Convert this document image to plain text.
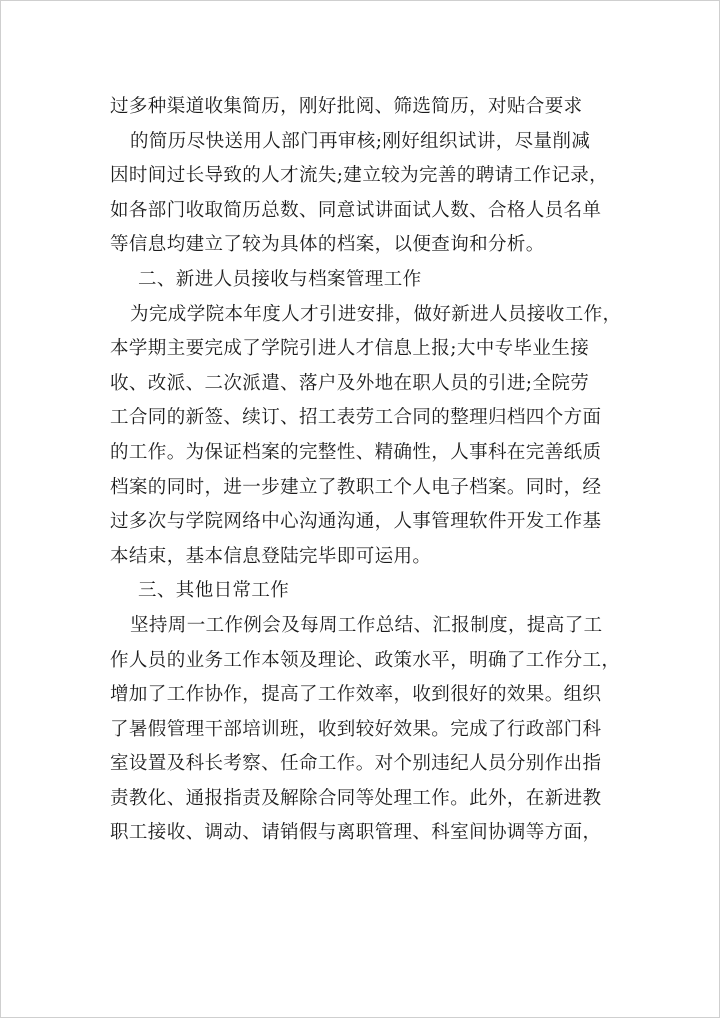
过多种渠道收集简历，刚好批阅、筛选简历，对贴合要求
的简历尽快送用人部门再审核;刚好组织试讲，尽量削减
因时间过长导致的人才流失;建立较为完善的聘请工作记录，
如各部门收取简历总数、同意试讲面试人数、合格人员名单
等信息均建立了较为具体的档案，以便查询和分析。
二、新进人员接收与档案管理工作
为完成学院本年度人才引进安排，做好新进人员接收工作，
本学期主要完成了学院引进人才信息上报;大中专毕业生接
收、改派、二次派遣、落户及外地在职人员的引进;全院劳
工合同的新签、续订、招工表劳工合同的整理归档四个方面
的工作。为保证档案的完整性、精确性，人事科在完善纸质
档案的同时，进一步建立了教职工个人电子档案。同时，经
过多次与学院网络中心沟通沟通，人事管理软件开发工作基
本结束，基本信息登陆完毕即可运用。
三、其他日常工作
坚持周一工作例会及每周工作总结、汇报制度，提高了工
作人员的业务工作本领及理论、政策水平，明确了工作分工，
增加了工作协作，提高了工作效率，收到很好的效果。组织
了暑假管理干部培训班，收到较好效果。完成了行政部门科
室设置及科长考察、任命工作。对个别违纪人员分别作出指
责教化、通报指责及解除合同等处理工作。此外，在新进教
职工接收、调动、请销假与离职管理、科室间协调等方面，
